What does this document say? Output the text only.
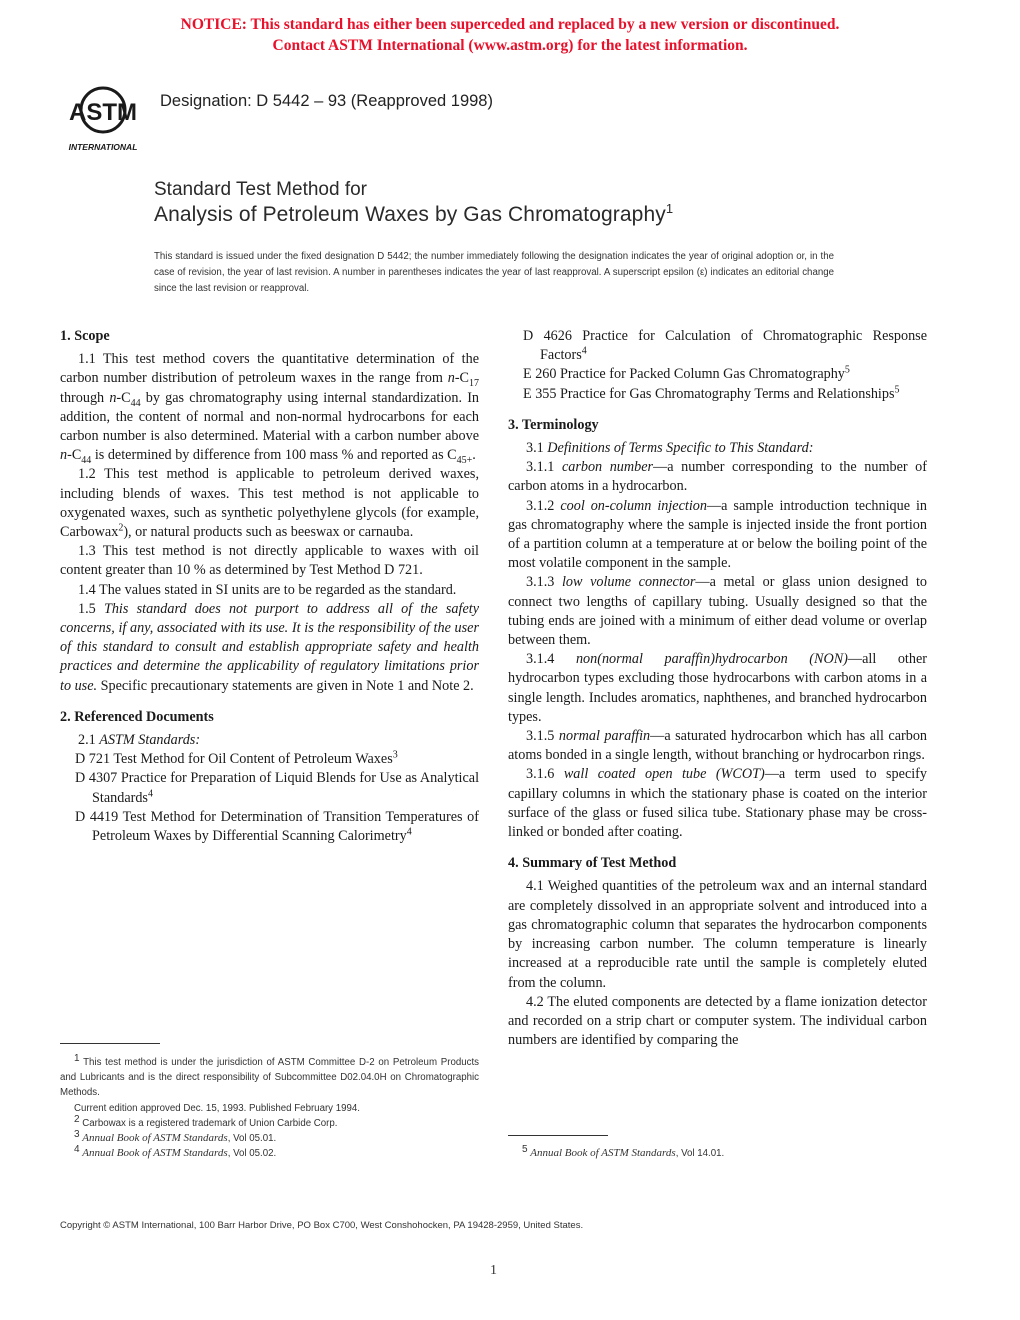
NOTICE: This standard has either been superceded and replaced by a new version or discontinued.
Contact ASTM International (www.astm.org) for the latest information.
ASTM
INTERNATIONAL
Designation: D 5442 – 93 (Reapproved 1998)
Standard Test Method for
Analysis of Petroleum Waxes by Gas Chromatography$^1$
This standard is issued under the fixed designation D 5442; the number immediately following the designation indicates the year of original adoption or, in the case of revision, the year of last revision. A number in parentheses indicates the year of last reapproval. A superscript epsilon (ε) indicates an editorial change since the last revision or reapproval.
1. Scope

1.1 This test method covers the quantitative determination of the carbon number distribution of petroleum waxes in the range from $n-C_{17}$ through $n-C_{44}$ by gas chromatography using internal standardization. In addition, the content of normal and non-normal hydrocarbons for each carbon number is also determined. Material with a carbon number above $n-C_{44}$ is determined by difference from 100 mass % and reported as $C_{45+}$.

1.2 This test method is applicable to petroleum derived waxes, including blends of waxes. This test method is not applicable to oxygenated waxes, such as synthetic polyethylene glycols (for example, Carbowax$^2$), or natural products such as beeswax or carnauba.

1.3 This test method is not directly applicable to waxes with oil content greater than 10 % as determined by Test Method D 721.

1.4 The values stated in SI units are to be regarded as the standard.

1.5 This standard does not purport to address all of the safety concerns, if any, associated with its use. It is the responsibility of the user of this standard to consult and establish appropriate safety and health practices and determine the applicability of regulatory limitations prior to use. Specific precautionary statements are given in Note 1 and Note 2.

2. Referenced Documents

2.1 ASTM Standards:

D 721 Test Method for Oil Content of Petroleum Waxes$^3$

D 4307 Practice for Preparation of Liquid Blends for Use as Analytical Standards$^4$

D 4419 Test Method for Determination of Transition Temperatures of Petroleum Waxes by Differential Scanning Calorimetry$^4$

$^1$ This test method is under the jurisdiction of ASTM Committee D-2 on Petroleum Products and Lubricants and is the direct responsibility of Subcommittee D02.04.0H on Chromatographic Methods.

Current edition approved Dec. 15, 1993. Published February 1994.

$^2$ Carbowax is a registered trademark of Union Carbide Corp.

$^3$ Annual Book of ASTM Standards, Vol 05.01.

$^4$ Annual Book of ASTM Standards, Vol 05.02.

D 4626 Practice for Calculation of Chromatographic Response Factors$^4$

E 260 Practice for Packed Column Gas Chromatography$^5$

E 355 Practice for Gas Chromatography Terms and Relationships$^5$

3. Terminology

3.1 Definitions of Terms Specific to This Standard:

3.1.1 carbon number—a number corresponding to the number of carbon atoms in a hydrocarbon.

3.1.2 cool on-column injection—a sample introduction technique in gas chromatography where the sample is injected inside the front portion of a partition column at a temperature at or below the boiling point of the most volatile component in the sample.

3.1.3 low volume connector—a metal or glass union designed to connect two lengths of capillary tubing. Usually designed so that the tubing ends are joined with a minimum of either dead volume or overlap between them.

3.1.4 non(normal paraffin)hydrocarbon (NON)—all other hydrocarbon types excluding those hydrocarbons with carbon atoms in a single length. Includes aromatics, naphthenes, and branched hydrocarbon types.

3.1.5 normal paraffin—a saturated hydrocarbon which has all carbon atoms bonded in a single length, without branching or hydrocarbon rings.

3.1.6 wall coated open tube (WCOT)—a term used to specify capillary columns in which the stationary phase is coated on the interior surface of the glass or fused silica tube. Stationary phase may be cross-linked or bonded after coating.

4. Summary of Test Method

4.1 Weighed quantities of the petroleum wax and an internal standard are completely dissolved in an appropriate solvent and introduced into a gas chromatographic column that separates the hydrocarbon components by increasing carbon number. The column temperature is linearly increased at a reproducible rate until the sample is completely eluted from the column.

4.2 The eluted components are detected by a flame ionization detector and recorded on a strip chart or computer system. The individual carbon numbers are identified by comparing the

$^5$ Annual Book of ASTM Standards, Vol 14.01.

Copyright © ASTM International, 100 Barr Harbor Drive, PO Box C700, West Conshohocken, PA 19428-2959, United States.
1
